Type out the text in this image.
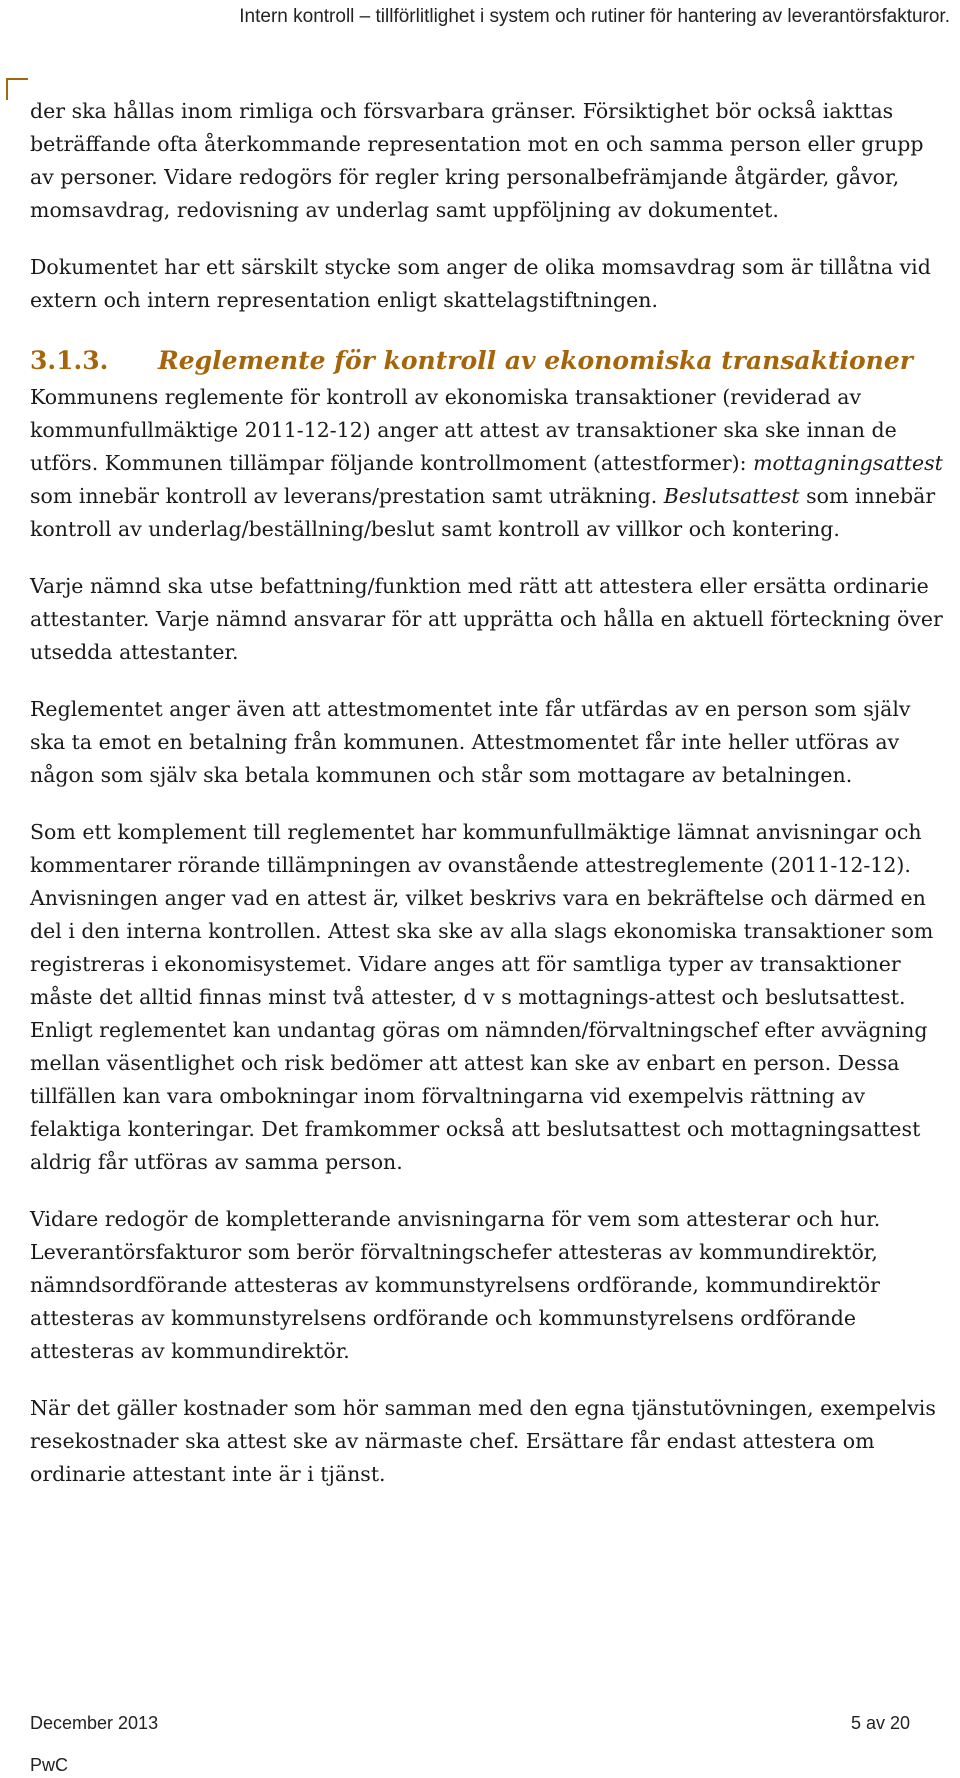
Intern kontroll – tillförlitlighet i system och rutiner för hantering av leverantörsfakturor.

der ska hållas inom rimliga och försvarbara gränser. Försiktighet bör också iakttas beträffande ofta återkommande representation mot en och samma person eller grupp av personer. Vidare redogörs för regler kring personalbefrämjande åtgärder, gåvor, momsavdrag, redovisning av underlag samt uppföljning av dokumentet.

Dokumentet har ett särskilt stycke som anger de olika momsavdrag som är tillåtna vid extern och intern representation enligt skattelagstiftningen.

3.1.3. Reglemente för kontroll av ekonomiska transaktioner

Kommunens reglemente för kontroll av ekonomiska transaktioner (reviderad av kommunfullmäktige 2011-12-12) anger att attest av transaktioner ska ske innan de utförs. Kommunen tillämpar följande kontrollmoment (attestformer): mottagningsattest som innebär kontroll av leverans/prestation samt uträkning. Beslutsattest som innebär kontroll av underlag/beställning/beslut samt kontroll av villkor och kontering.

Varje nämnd ska utse befattning/funktion med rätt att attestera eller ersätta ordinarie attestanter. Varje nämnd ansvarar för att upprätta och hålla en aktuell förteckning över utsedda attestanter.

Reglementet anger även att attestmomentet inte får utfärdas av en person som själv ska ta emot en betalning från kommunen. Attestmomentet får inte heller utföras av någon som själv ska betala kommunen och står som mottagare av betalningen.

Som ett komplement till reglementet har kommunfullmäktige lämnat anvisningar och kommentarer rörande tillämpningen av ovanstående attestreglemente (2011-12-12). Anvisningen anger vad en attest är, vilket beskrivs vara en bekräftelse och därmed en del i den interna kontrollen. Attest ska ske av alla slags ekonomiska transaktioner som registreras i ekonomisystemet. Vidare anges att för samtliga typer av transaktioner måste det alltid finnas minst två attester, d v s mottagnings-attest och beslutsattest. Enligt reglementet kan undantag göras om nämnden/förvaltningschef efter avvägning mellan väsentlighet och risk bedömer att attest kan ske av enbart en person. Dessa tillfällen kan vara ombokningar inom förvaltningarna vid exempelvis rättning av felaktiga konteringar. Det framkommer också att beslutsattest och mottagningsattest aldrig får utföras av samma person.

Vidare redogör de kompletterande anvisningarna för vem som attesterar och hur. Leverantörsfakturor som berör förvaltningschefer attesteras av kommundirektör, nämndsordförande attesteras av kommunstyrelsens ordförande, kommundirektör attesteras av kommunstyrelsens ordförande och kommunstyrelsens ordförande attesteras av kommundirektör.

När det gäller kostnader som hör samman med den egna tjänstutövningen, exempelvis resekostnader ska attest ske av närmaste chef. Ersättare får endast attestera om ordinarie attestant inte är i tjänst.

December 2013	5 av 20
PwC
